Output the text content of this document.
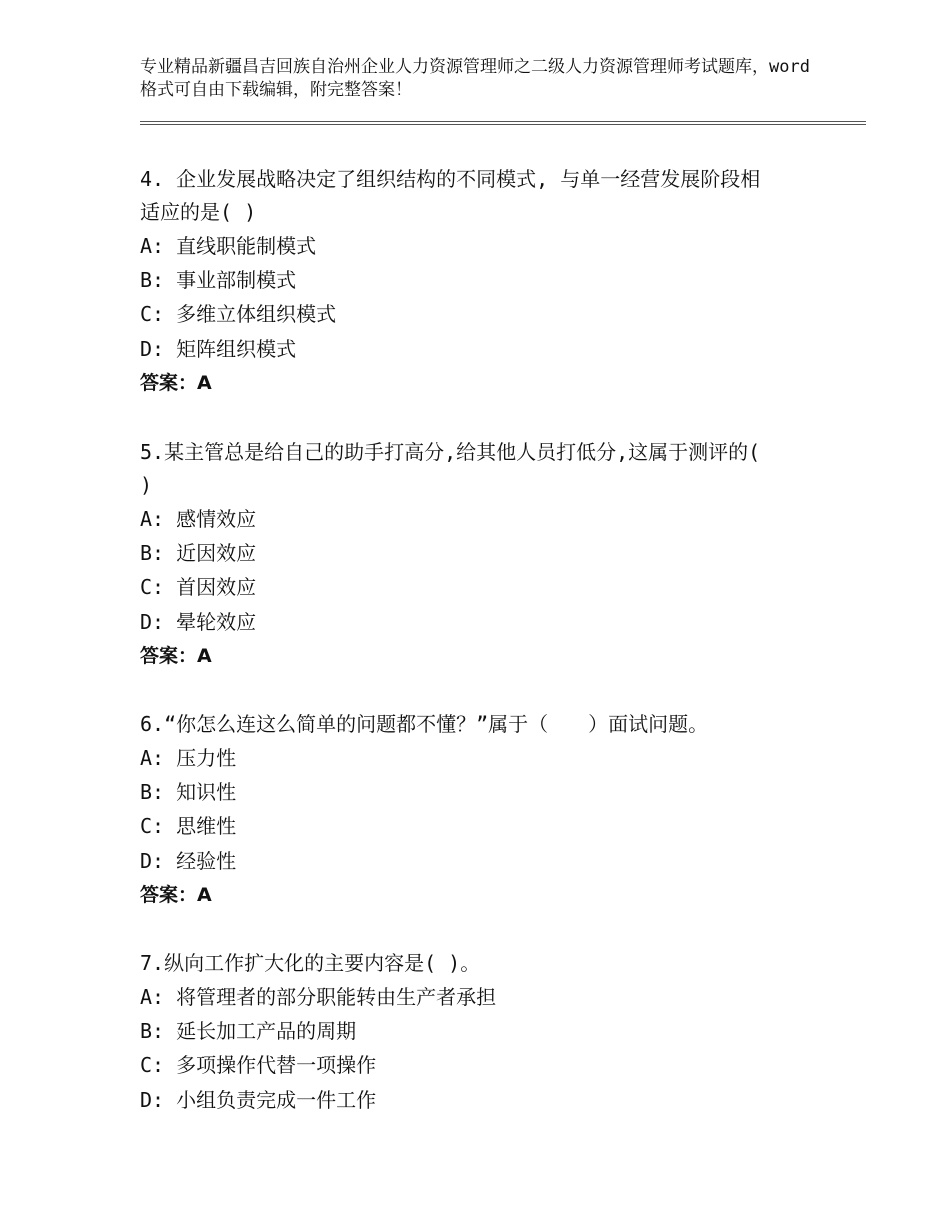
专业精品新疆昌吉回族自治州企业人力资源管理师之二级人力资源管理师考试题库，word格式可自由下载编辑，附完整答案！
4. 企业发展战略决定了组织结构的不同模式, 与单一经营发展阶段相
适应的是( )
A: 直线职能制模式
B: 事业部制模式
C: 多维立体组织模式
D: 矩阵组织模式
答案：A
5.某主管总是给自己的助手打高分,给其他人员打低分,这属于测评的(
)
A: 感情效应
B: 近因效应
C: 首因效应
D: 晕轮效应
答案：A
6.“你怎么连这么简单的问题都不懂？”属于（　　）面试问题。
A: 压力性
B: 知识性
C: 思维性
D: 经验性
答案：A
7.纵向工作扩大化的主要内容是( )。
A: 将管理者的部分职能转由生产者承担
B: 延长加工产品的周期
C: 多项操作代替一项操作
D: 小组负责完成一件工作
